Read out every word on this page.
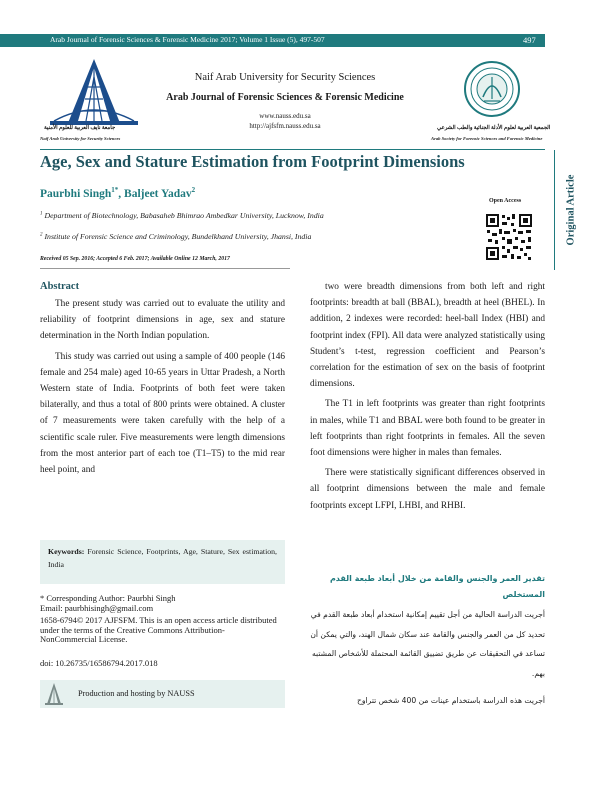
Arab Journal of Forensic Sciences & Forensic Medicine 2017; Volume 1 Issue (5), 497-507	497
جامعة نايف العربية للعلوم الأمنية
Naif Arab University for Security Sciences
Naif Arab University for Security Sciences
Arab Journal of Forensic Sciences & Forensic Medicine
www.nauss.edu.sa
http://ajfsfm.nauss.edu.sa	الجمعية العربية لعلوم الأدلة الجنائية والطب الشرعي
Arab Society for Forensic Sciences and Forensic Medicine
Original Article
Age, Sex and Stature Estimation from Footprint Dimensions
Paurbhi Singh$^{1*}$, Baljeet Yadav$^2$
$^1$ Department of Biotechnology, Babasaheb Bhimrao Ambedkar University, Lucknow, India
$^2$ Institute of Forensic Science and Criminology, Bundelkhand University, Jhansi, India
Open Access
Received 05 Sep. 2016; Accepted 6 Feb. 2017; Available Online 12 March, 2017
Abstract

The present study was carried out to evaluate the utility and reliability of footprint dimensions in age, sex and stature determination in the North Indian population.

This study was carried out using a sample of 400 people (146 female and 254 male) aged 10-65 years in Uttar Pradesh, a North Western state of India. Footprints of both feet were taken bilaterally, and thus a total of 800 prints were obtained. A cluster of 7 measurements were taken carefully with the help of a scientific scale ruler. Five measurements were length dimensions from the most anterior part of each toe (T1–T5) to the mid rear heel point, and

two were breadth dimensions from both left and right footprints: breadth at ball (BBAL), breadth at heel (BHEL). In addition, 2 indexes were recorded: heel-ball Index (HBI) and footprint index (FPI). All data were analyzed statistically using Student’s t-test, regression coefficient and Pearson’s correlation for the estimation of sex on the basis of footprint dimensions.

The T1 in left footprints was greater than right footprints in males, while T1 and BBAL were both found to be greater in left footprints than right footprints in females. All the seven foot dimensions were higher in males than females.

There were statistically significant differences observed in all footprint dimensions between the male and female footprints except LFPI, LHBI, and RHBI.

Keywords: Forensic Science, Footprints, Age, Stature, Sex estimation, India
* Corresponding Author: Paurbhi Singh
Email: paurbhisingh@gmail.com
1658-6794© 2017 AJFSFM. This is an open access article distributed under the terms of the Creative Commons Attribution-NonCommercial License.
doi: 10.26735/16586794.2017.018
Production and hosting by NAUSS
تقدير العمر والجنس والقامة من خلال أبعاد طبعة القدم المستخلص

أجريت الدراسة الحالية من أجل تقييم إمكانية استخدام أبعاد طبعة القدم في تحديد كل من العمر والجنس والقامة عند سكان شمال الهند، والتي يمكن أن تساعد في التحقيقات عن طريق تضييق القائمة المحتملة للأشخاص المشتبه بهم.

أجريت هذه الدراسة باستخدام عينات من 400 شخص تتراوح
